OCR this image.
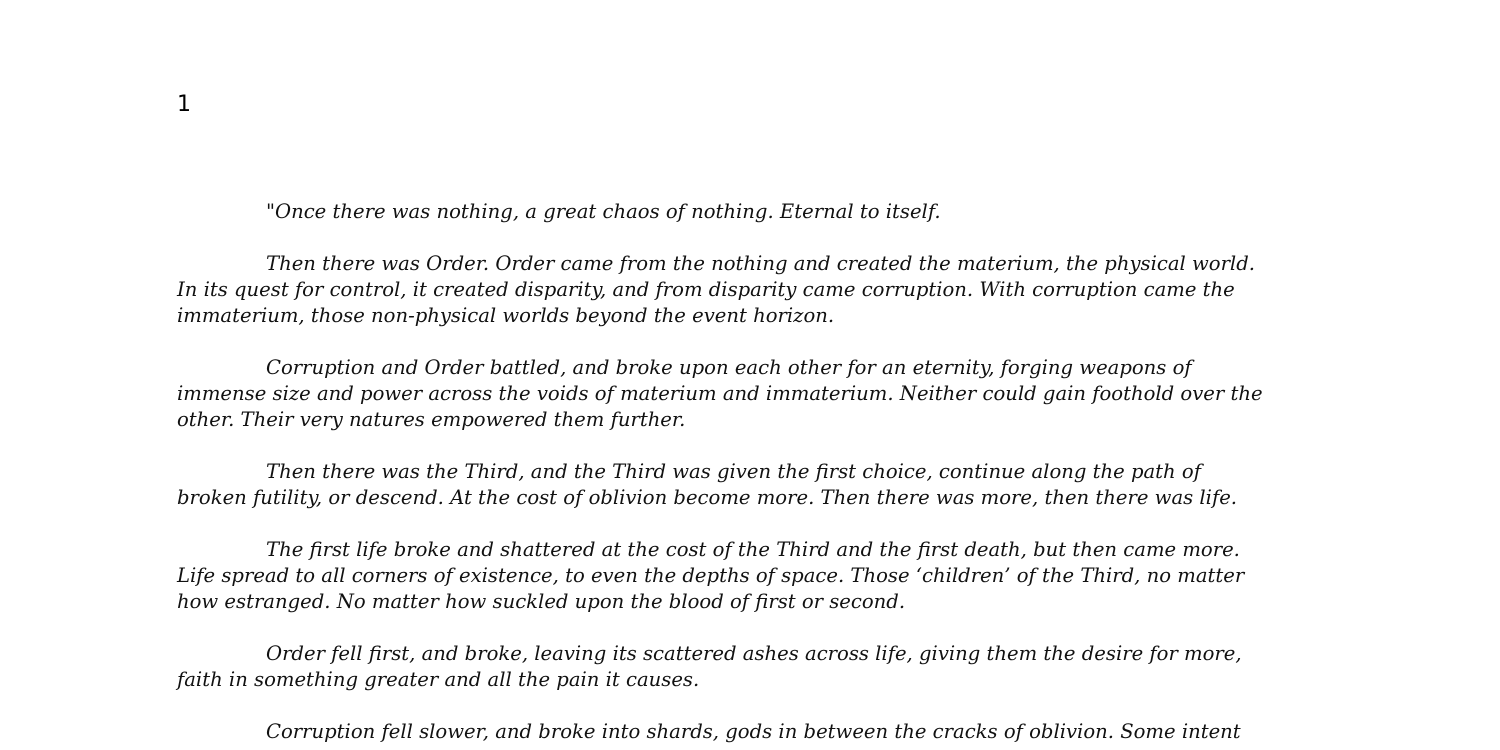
1

"Once there was nothing, a great chaos of nothing. Eternal to itself.

Then there was Order. Order came from the nothing and created the materium, the physical world.
In its quest for control, it created disparity, and from disparity came corruption. With corruption came the
immaterium, those non-physical worlds beyond the event horizon.

Corruption and Order battled, and broke upon each other for an eternity, forging weapons of
immense size and power across the voids of materium and immaterium. Neither could gain foothold over the
other. Their very natures empowered them further.

Then there was the Third, and the Third was given the first choice, continue along the path of
broken futility, or descend. At the cost of oblivion become more. Then there was more, then there was life.

The first life broke and shattered at the cost of the Third and the first death, but then came more.
Life spread to all corners of existence, to even the depths of space. Those ‘children’ of the Third, no matter
how estranged. No matter how suckled upon the blood of first or second.

Order fell first, and broke, leaving its scattered ashes across life, giving them the desire for more,
faith in something greater and all the pain it causes.

Corruption fell slower, and broke into shards, gods in between the cracks of oblivion. Some intent
